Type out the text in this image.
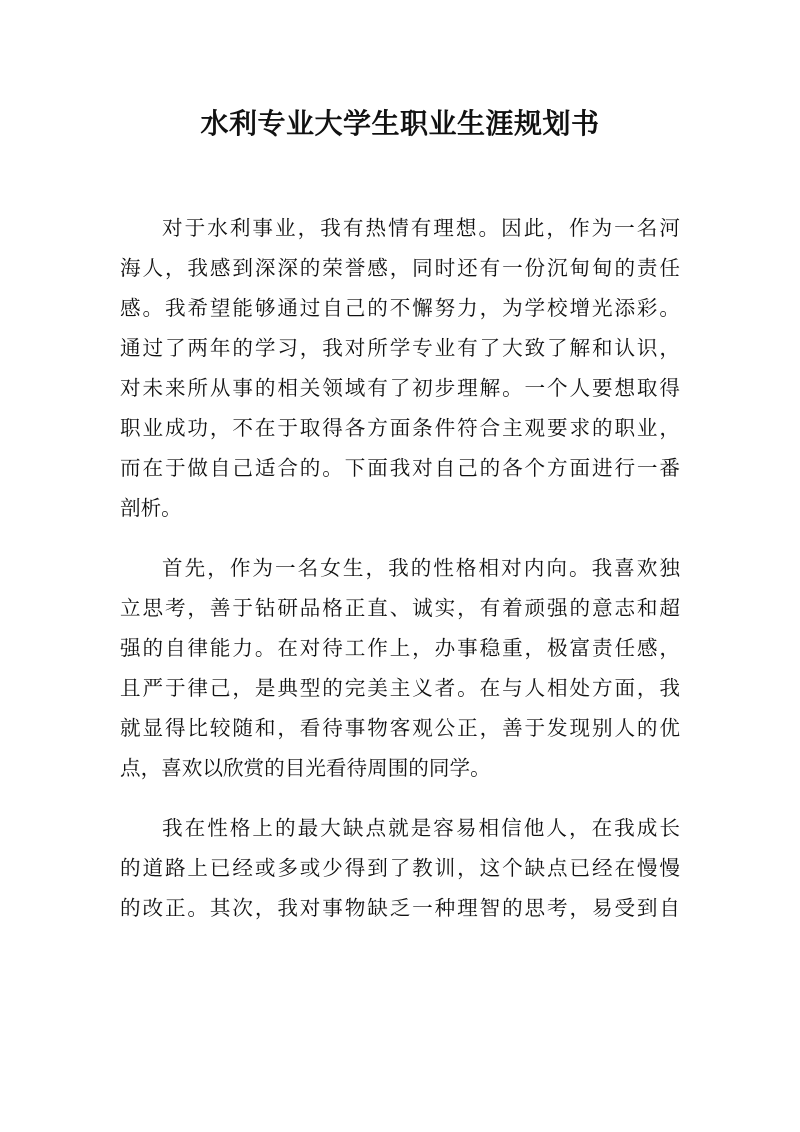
水利专业大学生职业生涯规划书
对于水利事业，我有热情有理想。因此，作为一名河
海人，我感到深深的荣誉感，同时还有一份沉甸甸的责任
感。我希望能够通过自己的不懈努力，为学校增光添彩。
通过了两年的学习，我对所学专业有了大致了解和认识，
对未来所从事的相关领域有了初步理解。一个人要想取得
职业成功，不在于取得各方面条件符合主观要求的职业，
而在于做自己适合的。下面我对自己的各个方面进行一番
剖析。
首先，作为一名女生，我的性格相对内向。我喜欢独
立思考，善于钻研品格正直、诚实，有着顽强的意志和超
强的自律能力。在对待工作上，办事稳重，极富责任感，
且严于律己，是典型的完美主义者。在与人相处方面，我
就显得比较随和，看待事物客观公正，善于发现别人的优
点，喜欢以欣赏的目光看待周围的同学。
我在性格上的最大缺点就是容易相信他人，在我成长
的道路上已经或多或少得到了教训，这个缺点已经在慢慢
的改正。其次，我对事物缺乏一种理智的思考，易受到自
